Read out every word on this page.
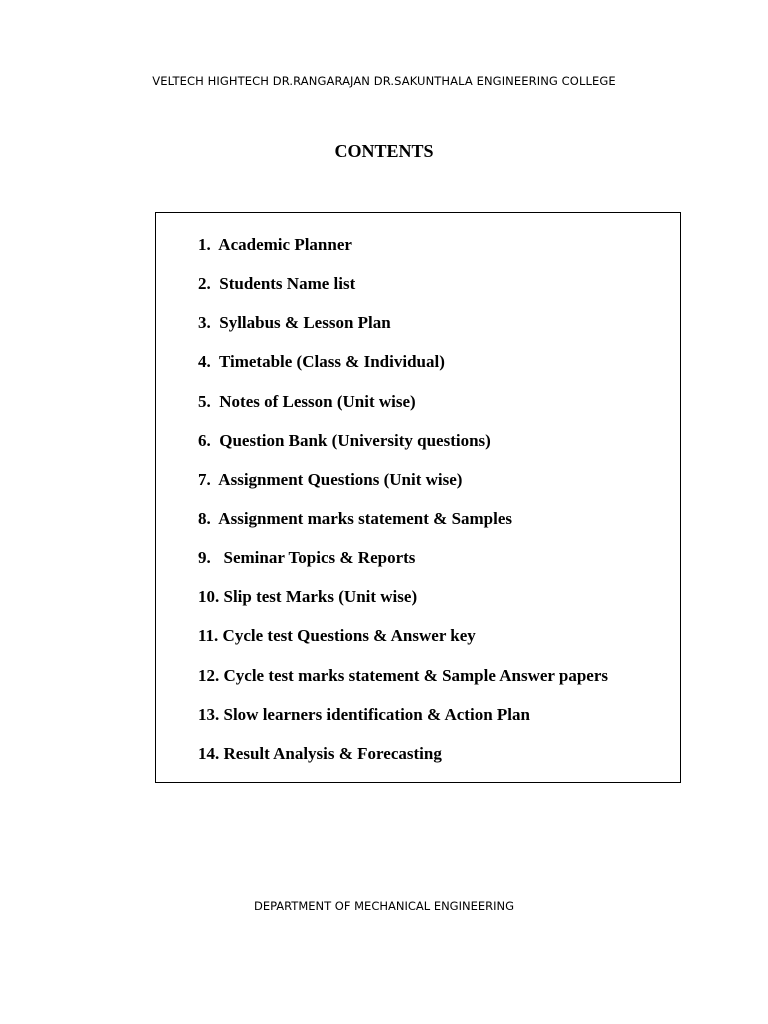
VELTECH HIGHTECH DR.RANGARAJAN DR.SAKUNTHALA ENGINEERING COLLEGE
CONTENTS
1.  Academic Planner
2.  Students Name list
3.  Syllabus & Lesson Plan
4.  Timetable (Class & Individual)
5.  Notes of Lesson (Unit wise)
6.  Question Bank (University questions)
7.  Assignment Questions (Unit wise)
8.  Assignment marks statement & Samples
9.   Seminar Topics & Reports
10. Slip test Marks (Unit wise)
11. Cycle test Questions & Answer key
12. Cycle test marks statement & Sample Answer papers
13. Slow learners identification & Action Plan
14. Result Analysis & Forecasting
DEPARTMENT OF MECHANICAL ENGINEERING
